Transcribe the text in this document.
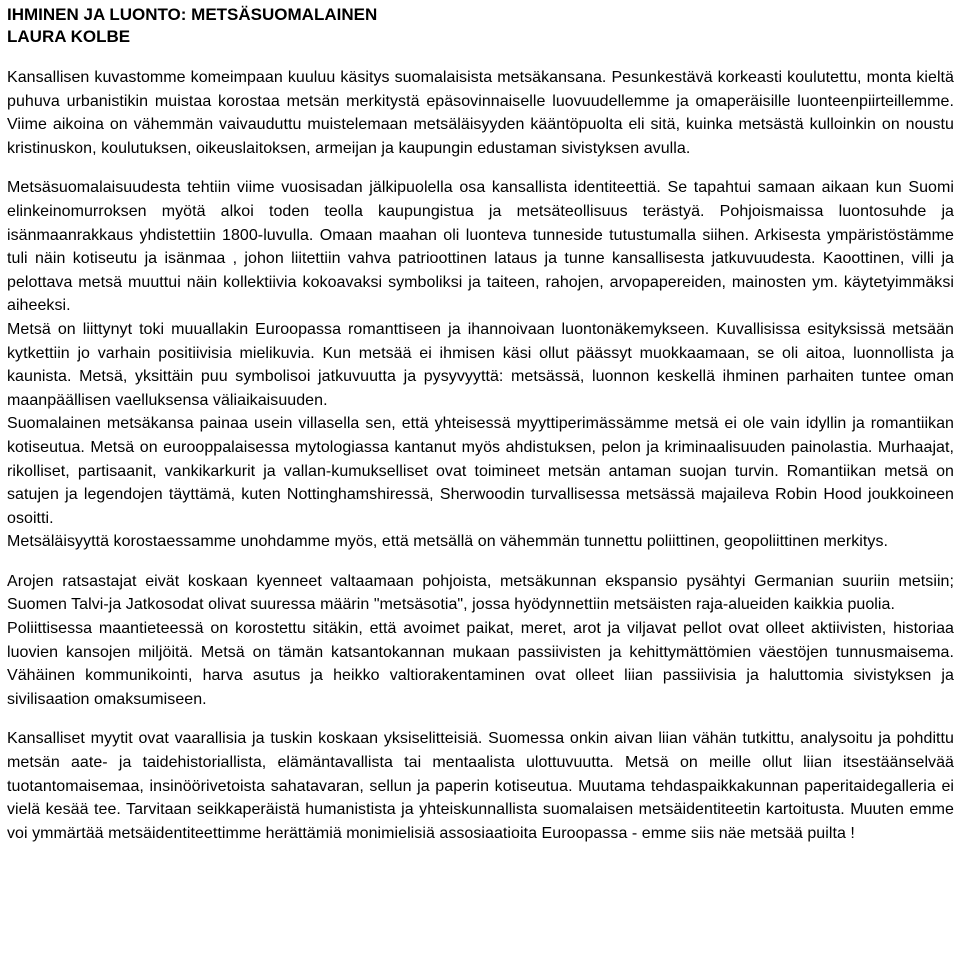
IHMINEN JA LUONTO: METSÄSUOMALAINEN

LAURA KOLBE

Kansallisen kuvastomme komeimpaan kuuluu käsitys suomalaisista metsäkansana. Pesunkestävä korkeasti koulutettu, monta kieltä puhuva urbanistikin muistaa korostaa metsän merkitystä epäsovinnaiselle luovuudellemme ja omaperäisille luonteenpiirteillemme. Viime aikoina on vähemmän vaivauduttu muistelemaan metsäläisyyden kääntöpuolta eli sitä, kuinka metsästä kulloinkin on noustu kristinuskon, koulutuksen, oikeuslaitoksen, armeijan ja kaupungin edustaman sivistyksen avulla.

Metsäsuomalaisuudesta tehtiin viime vuosisadan jälkipuolella osa kansallista identiteettiä. Se tapahtui samaan aikaan kun Suomi elinkeinomurroksen myötä alkoi toden teolla kaupungistua ja metsäteollisuus terästyä. Pohjoismaissa luontosuhde ja isänmaanrakkaus yhdistettiin 1800-luvulla. Omaan maahan oli luonteva tunneside tutustumalla siihen. Arkisesta ympäristöstämme tuli näin kotiseutu ja isänmaa , johon liitettiin vahva patrioottinen lataus ja tunne kansallisesta jatkuvuudesta. Kaoottinen, villi ja pelottava metsä muuttui näin kollektiivia kokoavaksi symboliksi ja taiteen, rahojen, arvopapereiden, mainosten ym. käytetyimmäksi aiheeksi.

Metsä on liittynyt toki muuallakin Euroopassa romanttiseen ja ihannoivaan luontonäkemykseen. Kuvallisissa esityksissä metsään kytkettiin jo varhain positiivisia mielikuvia. Kun metsää ei ihmisen käsi ollut päässyt muokkaamaan, se oli aitoa, luonnollista ja kaunista. Metsä, yksittäin puu symbolisoi jatkuvuutta ja pysyvyyttä: metsässä, luonnon keskellä ihminen parhaiten tuntee oman maanpäällisen vaelluksensa väliaikaisuuden.

Suomalainen metsäkansa painaa usein villasella sen, että yhteisessä myyttiperimässämme metsä ei ole vain idyllin ja romantiikan kotiseutua. Metsä on eurooppalaisessa mytologiassa kantanut myös ahdistuksen, pelon ja kriminaalisuuden painolastia. Murhaajat, rikolliset, partisaanit, vankikarkurit ja vallan-kumukselliset ovat toimineet metsän antaman suojan turvin. Romantiikan metsä on satujen ja legendojen täyttämä, kuten Nottinghamshiressä, Sherwoodin turvallisessa metsässä majaileva Robin Hood joukkoineen osoitti.

Metsäläisyyttä korostaessamme unohdamme myös, että metsällä on vähemmän tunnettu poliittinen, geopoliittinen merkitys.

Arojen ratsastajat eivät koskaan kyenneet valtaamaan pohjoista, metsäkunnan ekspansio pysähtyi Germanian suuriin metsiin; Suomen Talvi-ja Jatkosodat olivat suuressa määrin "metsäsotia", jossa hyödynnettiin metsäisten raja-alueiden kaikkia puolia.

Poliittisessa maantieteessä on korostettu sitäkin, että avoimet paikat, meret, arot ja viljavat pellot ovat olleet aktiivisten, historiaa luovien kansojen miljöitä. Metsä on tämän katsantokannan mukaan passiivisten ja kehittymättömien väestöjen tunnusmaisema. Vähäinen kommunikointi, harva asutus ja heikko valtiorakentaminen ovat olleet liian passiivisia ja haluttomia sivistyksen ja sivilisaation omaksumiseen.

Kansalliset myytit ovat vaarallisia ja tuskin koskaan yksiselitteisiä. Suomessa onkin aivan liian vähän tutkittu, analysoitu ja pohdittu metsän aate- ja taidehistoriallista, elämäntavallista tai mentaalista ulottuvuutta. Metsä on meille ollut liian itsestäänselvää tuotantomaisemaa, insinöörivetoista sahatavaran, sellun ja paperin kotiseutua. Muutama tehdaspaikkakunnan paperitaidegalleria ei vielä kesää tee. Tarvitaan seikkaperäistä humanistista ja yhteiskunnallista suomalaisen metsäidentiteetin kartoitusta. Muuten emme voi ymmärtää metsäidentiteettimme herättämiä monimielisiä assosiaatioita Euroopassa - emme siis näe metsää puilta !
